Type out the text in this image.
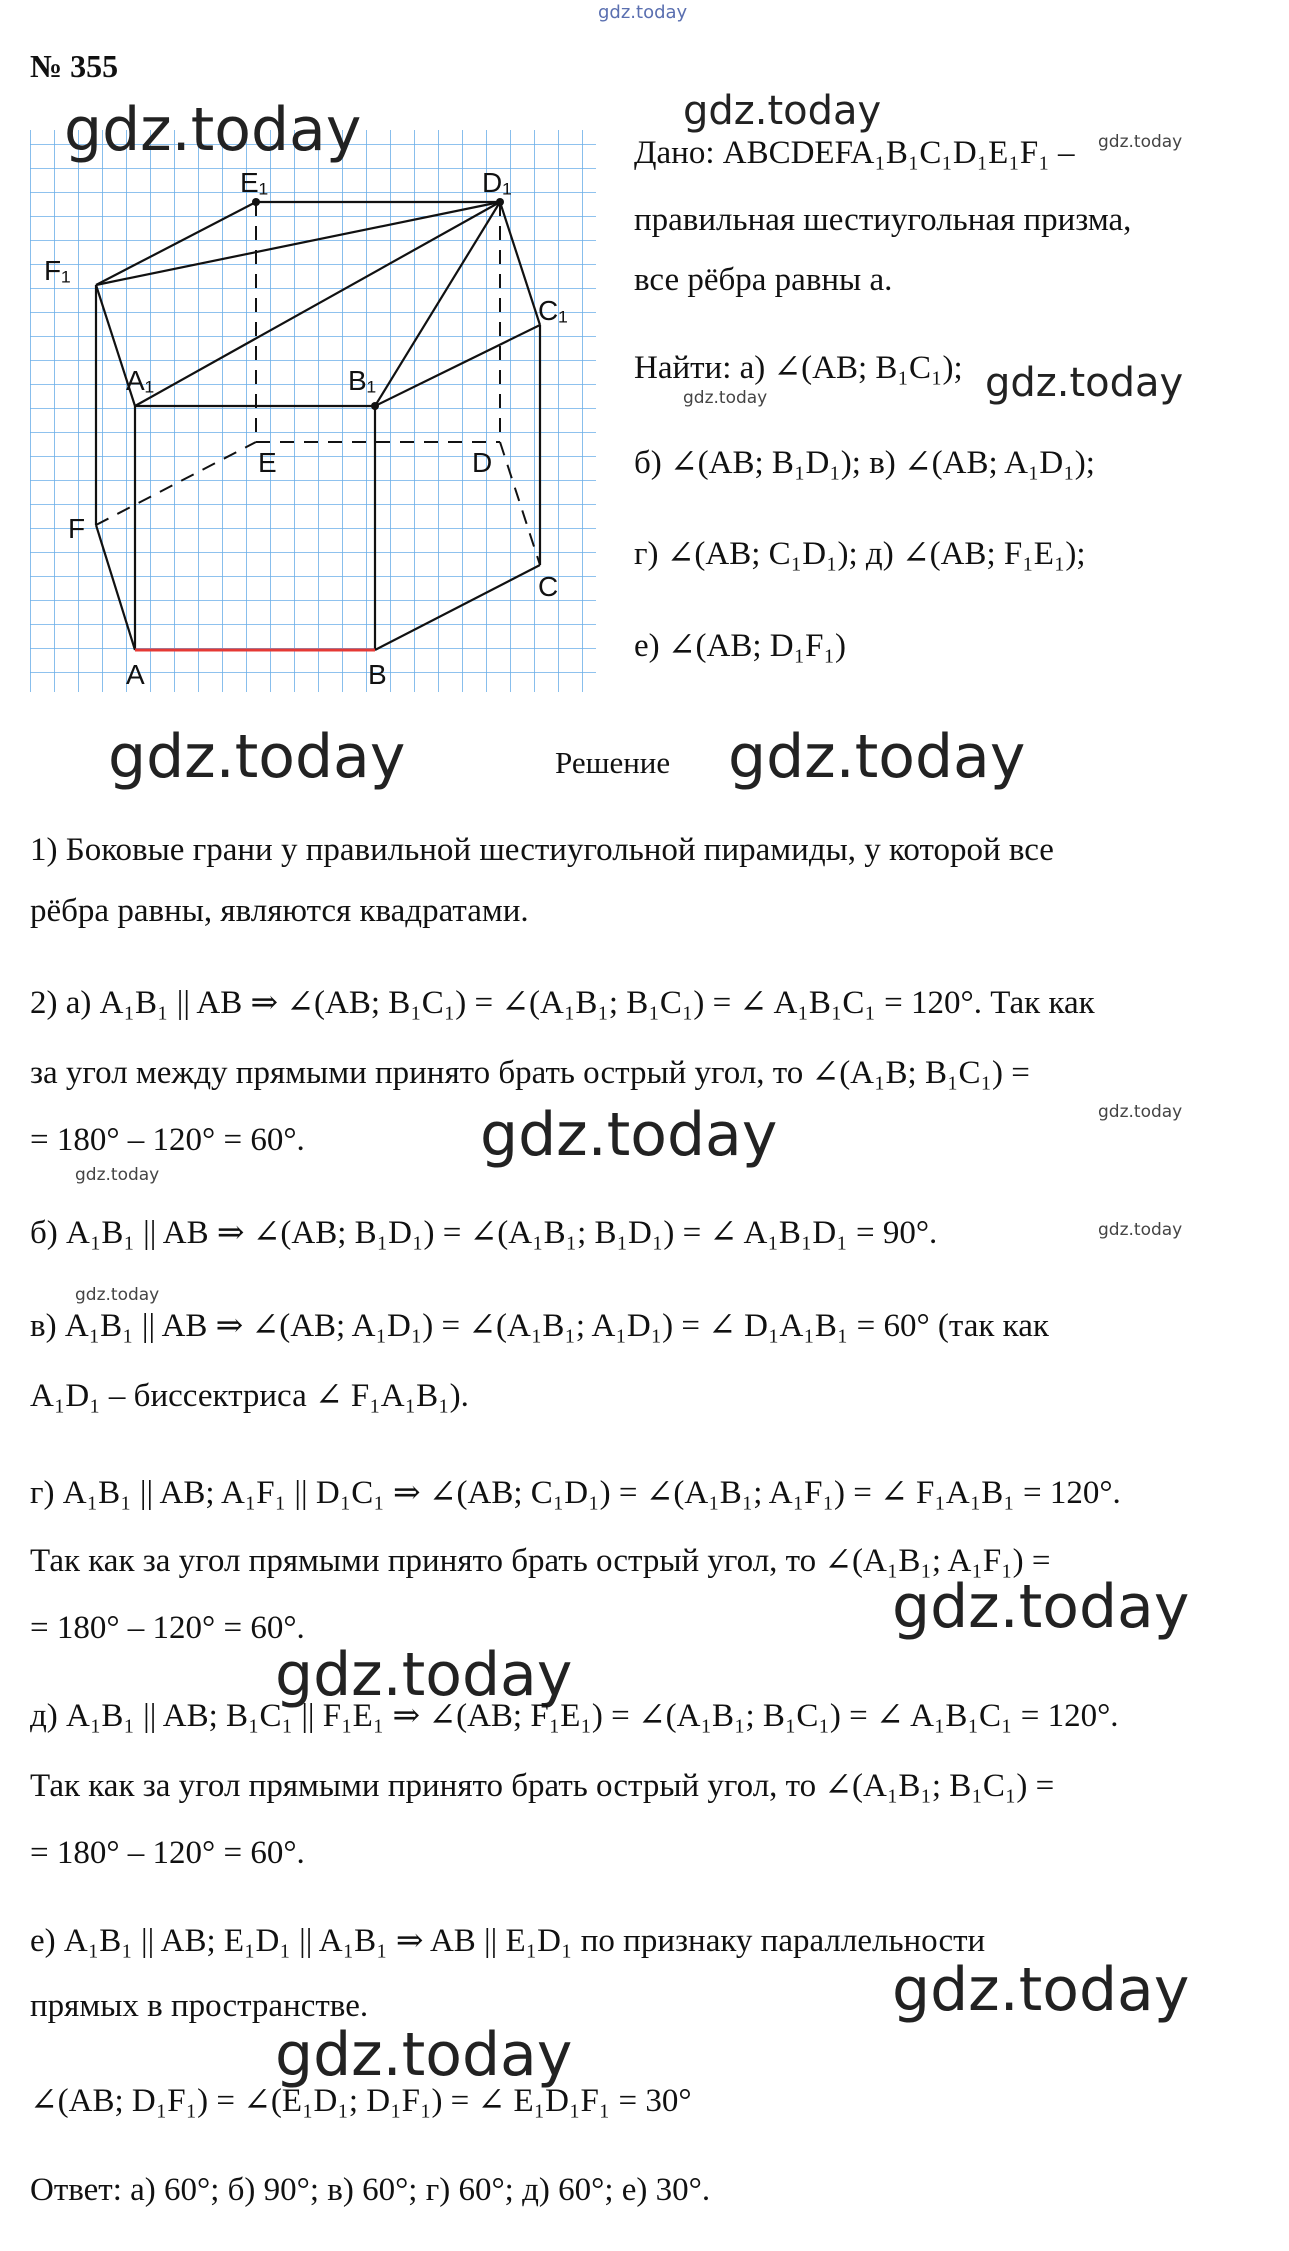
gdz.today
№ 355
E₁	D₁
F₁
C₁
A₁	B₁
E	D
F
C
A	B
gdz.today	gdz.today
gdz.today
Дано: ABCDEFA₁B₁C₁D₁E₁F₁ –
правильная шестиугольная призма,
все рёбра равны a.
Найти: а) ∠(AB; B₁C₁); gdz.today
gdz.today
б) ∠(AB; B₁D₁); в) ∠(AB; A₁D₁);
г) ∠(AB; C₁D₁); д) ∠(AB; F₁E₁);
е) ∠(AB; D₁F₁)
gdz.today	Решение gdz.today
1) Боковые грани у правильной шестиугольной пирамиды, у которой все
рёбра равны, являются квадратами.
2) а) A₁B₁ || AB ⇒ ∠(AB; B₁C₁) = ∠(A₁B₁; B₁C₁) = ∠ A₁B₁C₁ = 120°. Так как
за угол между прямыми принято брать острый угол, то ∠(A₁B; B₁C₁) =
gdz.today
= 180° – 120° = 60°.	gdz.today
gdz.today
б) A₁B₁ || AB ⇒ ∠(AB; B₁D₁) = ∠(A₁B₁; B₁D₁) = ∠ A₁B₁D₁ = 90°.	gdz.today
gdz.today
в) A₁B₁ || AB ⇒ ∠(AB; A₁D₁) = ∠(A₁B₁; A₁D₁) = ∠ D₁A₁B₁ = 60° (так как
A₁D₁ – биссектриса ∠ F₁A₁B₁).
г) A₁B₁ || AB; A₁F₁ || D₁C₁ ⇒ ∠(AB; C₁D₁) = ∠(A₁B₁; A₁F₁) = ∠ F₁A₁B₁ = 120°.
Так как за угол прямыми принято брать острый угол, то ∠(A₁B₁; A₁F₁) =
gdz.today
= 180° – 120° = 60°.
gdz.today
д) A₁B₁ || AB; B₁C₁ || F₁E₁ ⇒ ∠(AB; F₁E₁) = ∠(A₁B₁; B₁C₁) = ∠ A₁B₁C₁ = 120°.
Так как за угол прямыми принято брать острый угол, то ∠(A₁B₁; B₁C₁) =
= 180° – 120° = 60°.
е) A₁B₁ || AB; E₁D₁ || A₁B₁ ⇒ AB || E₁D₁ по признаку параллельности
gdz.today
прямых в пространстве.
gdz.today
∠(AB; D₁F₁) = ∠(E₁D₁; D₁F₁) = ∠ E₁D₁F₁ = 30°
Ответ: а) 60°; б) 90°; в) 60°; г) 60°; д) 60°; е) 30°.
